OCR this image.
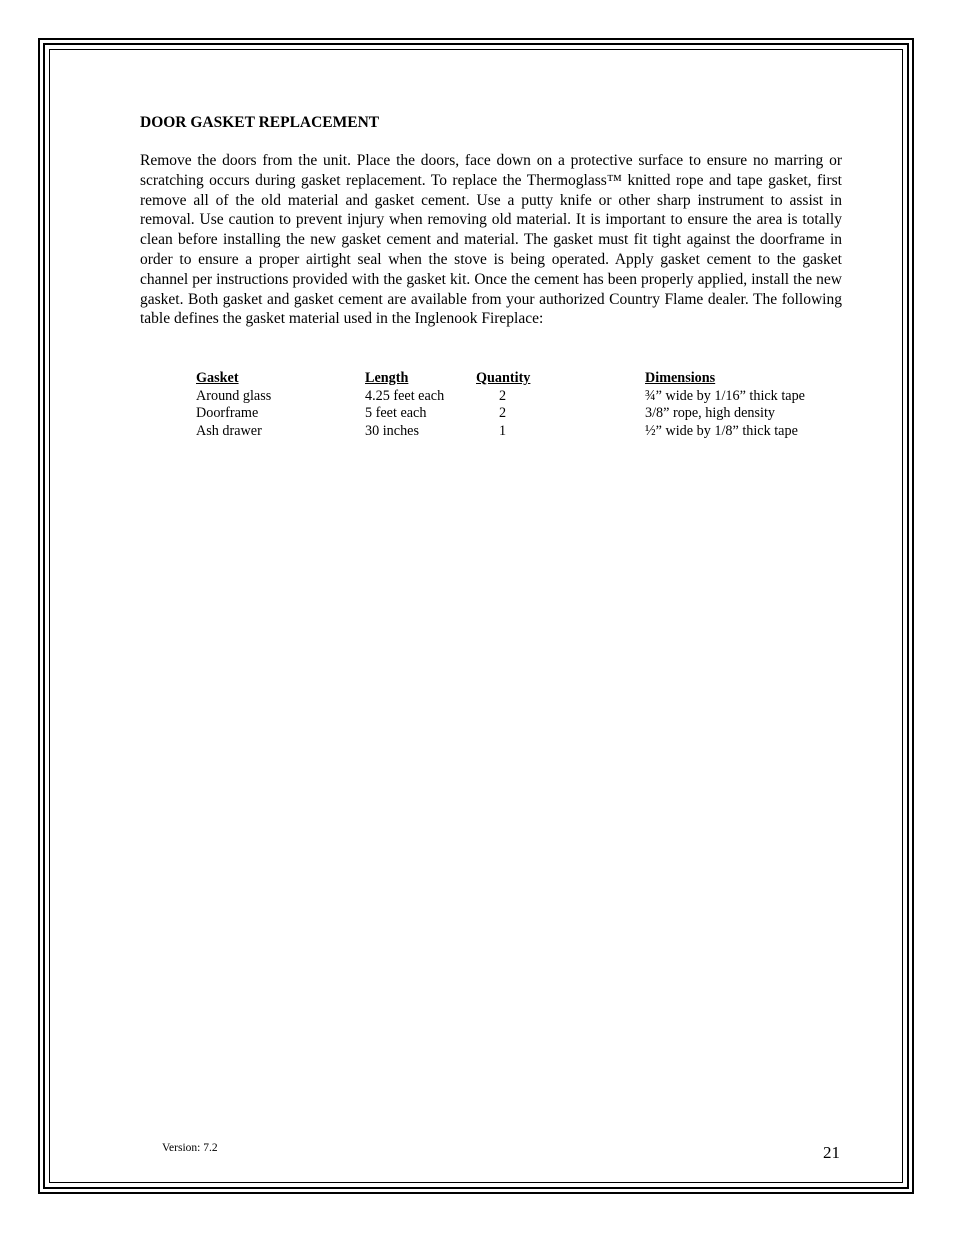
DOOR GASKET REPLACEMENT

Remove the doors from the unit. Place the doors, face down on a protective surface to ensure no marring or scratching occurs during gasket replacement. To replace the Thermoglass™ knitted rope and tape gasket, first remove all of the old material and gasket cement. Use a putty knife or other sharp instrument to assist in removal. Use caution to prevent injury when removing old material. It is important to ensure the area is totally clean before installing the new gasket cement and material. The gasket must fit tight against the doorframe in order to ensure a proper airtight seal when the stove is being operated. Apply gasket cement to the gasket channel per instructions provided with the gasket kit. Once the cement has been properly applied, install the new gasket. Both gasket and gasket cement are available from your authorized Country Flame dealer. The following table defines the gasket material used in the Inglenook Fireplace:

Gasket	Length	Quantity	Dimensions
Around glass	4.25 feet each	2	¾” wide by 1/16” thick tape
Doorframe	5 feet each	2	3/8” rope, high density
Ash drawer	30 inches	1	½” wide by 1/8” thick tape
Version: 7.2	21
